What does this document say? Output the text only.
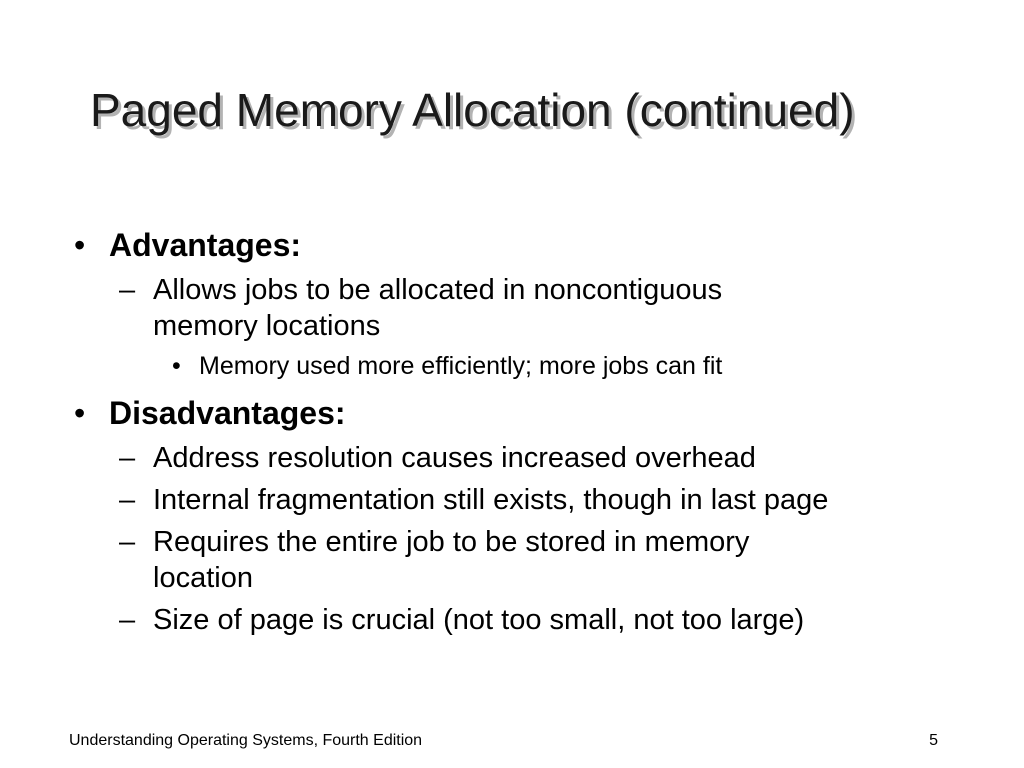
Paged Memory Allocation (continued)
• Advantages:
– Allows jobs to be allocated in noncontiguous
memory locations
• Memory used more efficiently; more jobs can fit
• Disadvantages:
– Address resolution causes increased overhead
– Internal fragmentation still exists, though in last page
– Requires the entire job to be stored in memory
location
– Size of page is crucial (not too small, not too large)
Understanding Operating Systems, Fourth Edition	5
